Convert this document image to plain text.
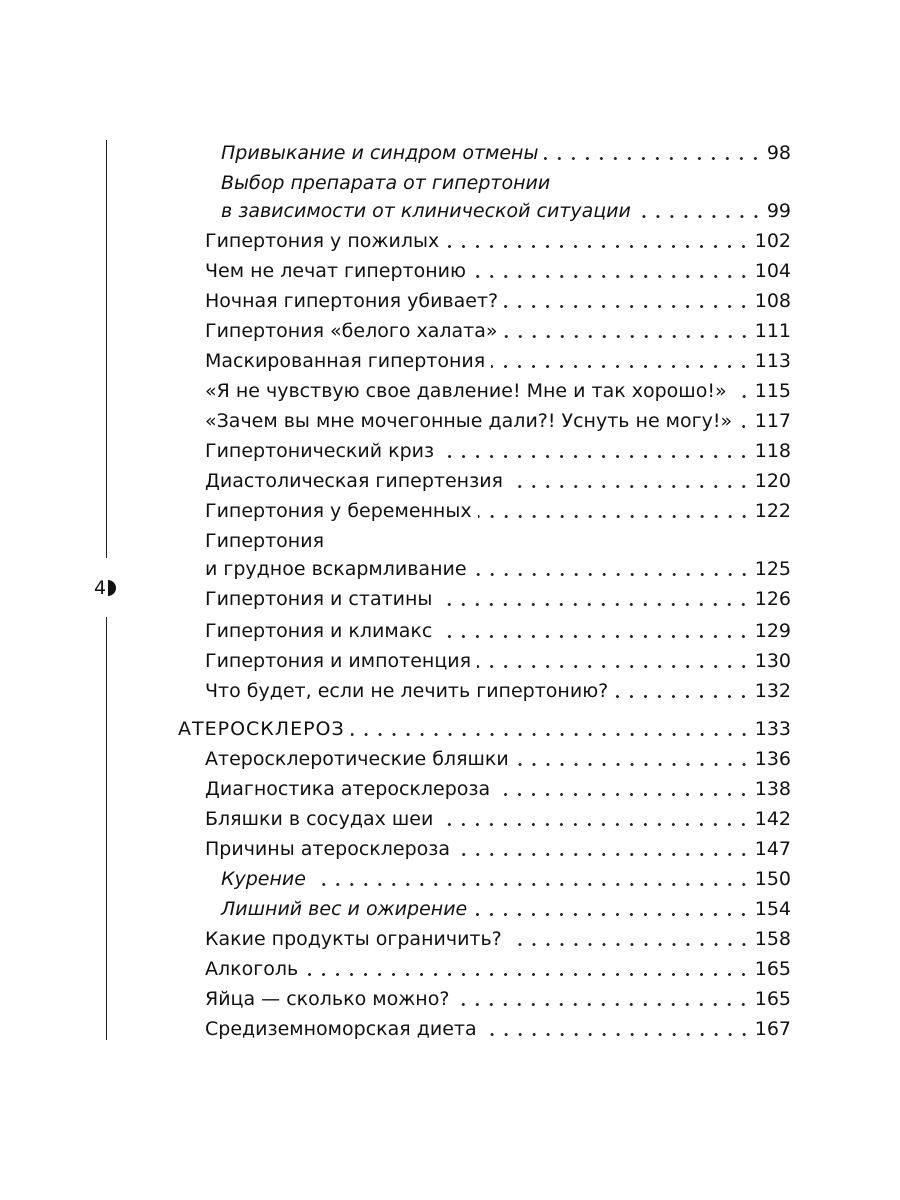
4
Привыкание и синдром отмены	98
Выбор препарата от гипертонии
в зависимости от клинической ситуации	99
Гипертония у пожилых	102
Чем не лечат гипертонию	104
Ночная гипертония убивает?	108
Гипертония «белого халата»	111
Маскированная гипертония	113
«Я не чувствую свое давление! Мне и так хорошо!» 115
«Зачем вы мне мочегонные дали?! Уснуть не могу!» 117
Гипертонический криз	118
Диастолическая гипертензия	120
Гипертония у беременных	122
Гипертония
и грудное вскармливание	125
Гипертония и статины	126
Гипертония и климакс	129
Гипертония и импотенция	130
Что будет, если не лечить гипертонию?	132
АТЕРОСКЛЕРОЗ	133
Атеросклеротические бляшки	136
Диагностика атеросклероза	138
Бляшки в сосудах шеи	142
Причины атеросклероза	147
Курение	150
Лишний вес и ожирение	154
Какие продукты ограничить?	158
Алкоголь	165
Яйца — сколько можно?	165
Средиземноморская диета	167
